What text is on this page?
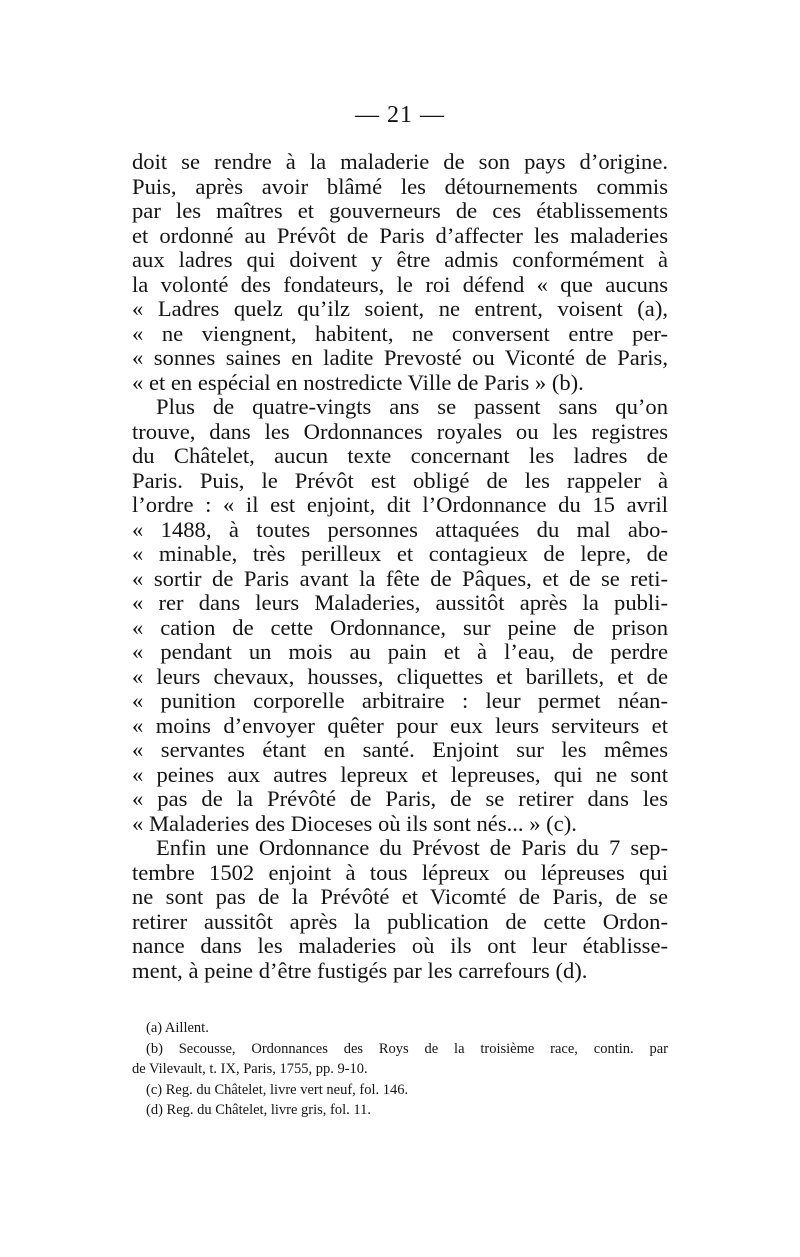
— 21 —
doit se rendre à la maladerie de son pays d’origine.
Puis, après avoir blâmé les détournements commis
par les maîtres et gouverneurs de ces établissements
et ordonné au Prévôt de Paris d’affecter les maladeries
aux ladres qui doivent y être admis conformément à
la volonté des fondateurs, le roi défend « que aucuns
« Ladres quelz qu’ilz soient, ne entrent, voisent (a),
« ne viengnent, habitent, ne conversent entre per-
« sonnes saines en ladite Prevosté ou Viconté de Paris,
« et en espécial en nostredicte Ville de Paris » (b).
Plus de quatre-vingts ans se passent sans qu’on
trouve, dans les Ordonnances royales ou les registres
du Châtelet, aucun texte concernant les ladres de
Paris. Puis, le Prévôt est obligé de les rappeler à
l’ordre : « il est enjoint, dit l’Ordonnance du 15 avril
« 1488, à toutes personnes attaquées du mal abo-
« minable, très perilleux et contagieux de lepre, de
« sortir de Paris avant la fête de Pâques, et de se reti-
« rer dans leurs Maladeries, aussitôt après la publi-
« cation de cette Ordonnance, sur peine de prison
« pendant un mois au pain et à l’eau, de perdre
« leurs chevaux, housses, cliquettes et barillets, et de
« punition corporelle arbitraire : leur permet néan-
« moins d’envoyer quêter pour eux leurs serviteurs et
« servantes étant en santé. Enjoint sur les mêmes
« peines aux autres lepreux et lepreuses, qui ne sont
« pas de la Prévôté de Paris, de se retirer dans les
« Maladeries des Dioceses où ils sont nés... » (c).
Enfin une Ordonnance du Prévost de Paris du 7 sep-
tembre 1502 enjoint à tous lépreux ou lépreuses qui
ne sont pas de la Prévôté et Vicomté de Paris, de se
retirer aussitôt après la publication de cette Ordon-
nance dans les maladeries où ils ont leur établisse-
ment, à peine d’être fustigés par les carrefours (d).
(a) Aillent.
(b) Secousse, Ordonnances des Roys de la troisième race, contin. par
de Vilevault, t. IX, Paris, 1755, pp. 9-10.
(c) Reg. du Châtelet, livre vert neuf, fol. 146.
(d) Reg. du Châtelet, livre gris, fol. 11.
